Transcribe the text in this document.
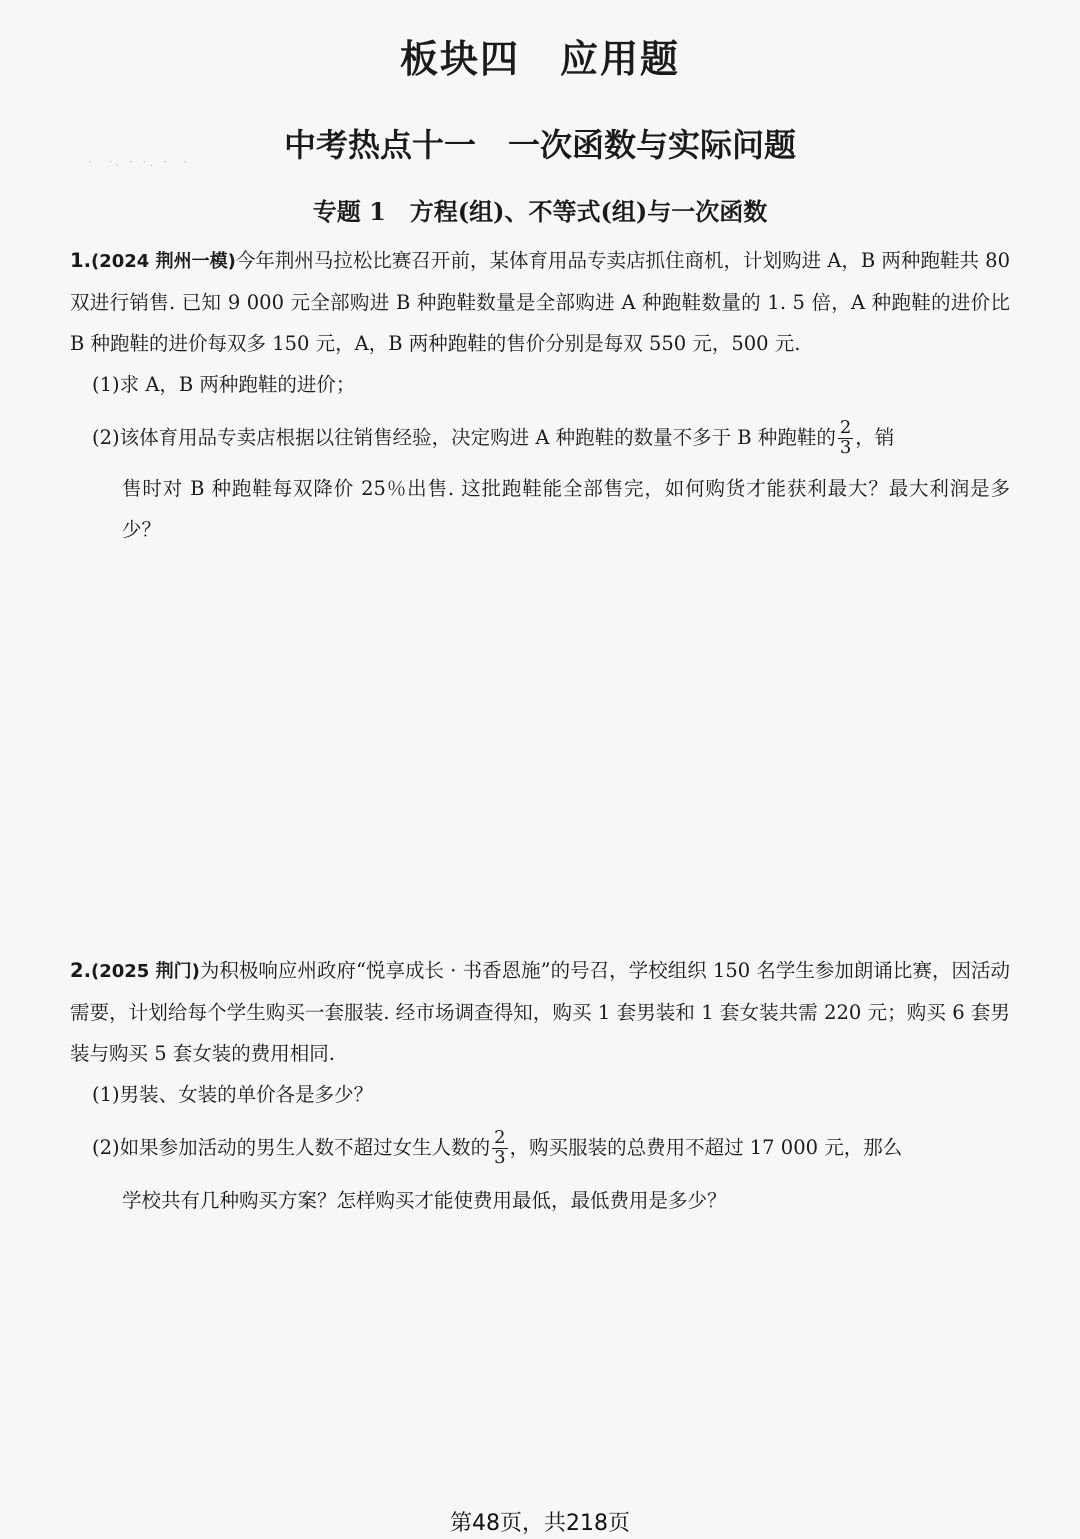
·  ·. · ·. ·  ·
板块四　应用题
中考热点十一　一次函数与实际问题
专题 1　方程(组)、不等式(组)与一次函数

1.(2024 荆州一模)今年荆州马拉松比赛召开前，某体育用品专卖店抓住商机，计划购进 A，B 两种跑鞋共 80 双进行销售. 已知 9 000 元全部购进 B 种跑鞋数量是全部购进 A 种跑鞋数量的 1. 5 倍，A 种跑鞋的进价比 B 种跑鞋的进价每双多 150 元，A，B 两种跑鞋的售价分别是每双 550 元，500 元.

(1)求 A，B 两种跑鞋的进价；

(2)该体育用品专卖店根据以往销售经验，决定购进 A 种跑鞋的数量不多于 B 种跑鞋的 $\frac{2}{3}$ ，销

售时对 B 种跑鞋每双降价 25％出售. 这批跑鞋能全部售完，如何购货才能获利最大？最大利润是多少？

2.(2025 荆门)为积极响应州政府“悦享成长 · 书香恩施”的号召，学校组织 150 名学生参加朗诵比赛，因活动需要，计划给每个学生购买一套服装. 经市场调查得知，购买 1 套男装和 1 套女装共需 220 元；购买 6 套男装与购买 5 套女装的费用相同.

(1)男装、女装的单价各是多少？

(2)如果参加活动的男生人数不超过女生人数的 $\frac{2}{3}$ ，购买服装的总费用不超过 17 000 元，那么

学校共有几种购买方案？怎样购买才能使费用最低，最低费用是多少？

第48页，共218页
